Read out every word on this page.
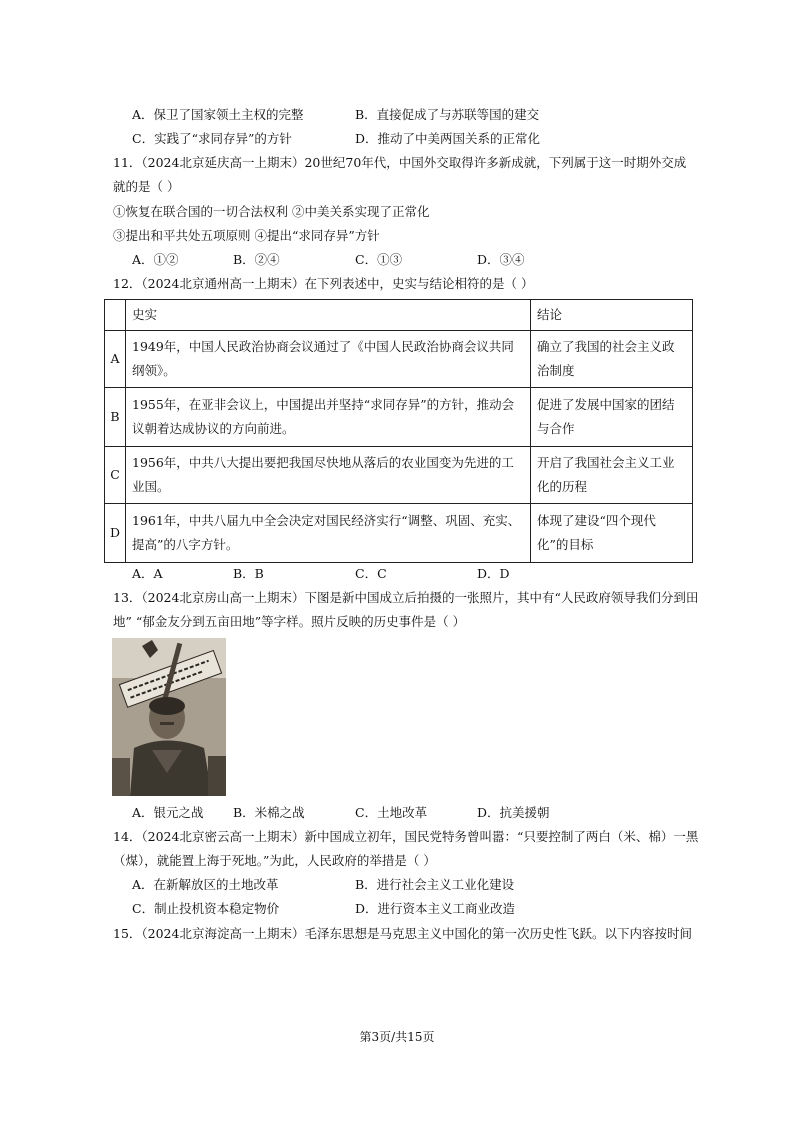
A．保卫了国家领土主权的完整	B．直接促成了与苏联等国的建交
C．实践了“求同存异”的方针	D．推动了中美两国关系的正常化
11．（2024北京延庆高一上期末）20世纪70年代，中国外交取得许多新成就，下列属于这一时期外交成
就的是（ ）
①恢复在联合国的一切合法权利 ②中美关系实现了正常化
③提出和平共处五项原则 ④提出“求同存异”方针
A．①②	B．②④	C．①③	D．③④
12．（2024北京通州高一上期末）在下列表述中，史实与结论相符的是（ ）
	史实	结论
A	1949年，中国人民政治协商会议通过了《中国人民政治协商会议共同纲领》。	确立了我国的社会主义政治制度
B	1955年，在亚非会议上，中国提出并坚持“求同存异”的方针，推动会议朝着达成协议的方向前进。	促进了发展中国家的团结与合作
C	1956年，中共八大提出要把我国尽快地从落后的农业国变为先进的工业国。	开启了我国社会主义工业化的历程
D	1961年，中共八届九中全会决定对国民经济实行“调整、巩固、充实、提高”的八字方针。	体现了建设“四个现代化”的目标
A．A	B．B	C．C	D．D
13．（2024北京房山高一上期末）下图是新中国成立后拍摄的一张照片，其中有“人民政府领导我们分到田
地” “郁金友分到五亩田地”等字样。照片反映的历史事件是（ ）
A．银元之战 B．米棉之战	C．土地改革	D．抗美援朝
14．（2024北京密云高一上期末）新中国成立初年，国民党特务曾叫嚣：“只要控制了两白（米、棉）一黑
（煤），就能置上海于死地。”为此，人民政府的举措是（ ）
A．在新解放区的土地改革	B．进行社会主义工业化建设
C．制止投机资本稳定物价	D．进行资本主义工商业改造
15．（2024北京海淀高一上期末）毛泽东思想是马克思主义中国化的第一次历史性飞跃。以下内容按时间
第3页/共15页
